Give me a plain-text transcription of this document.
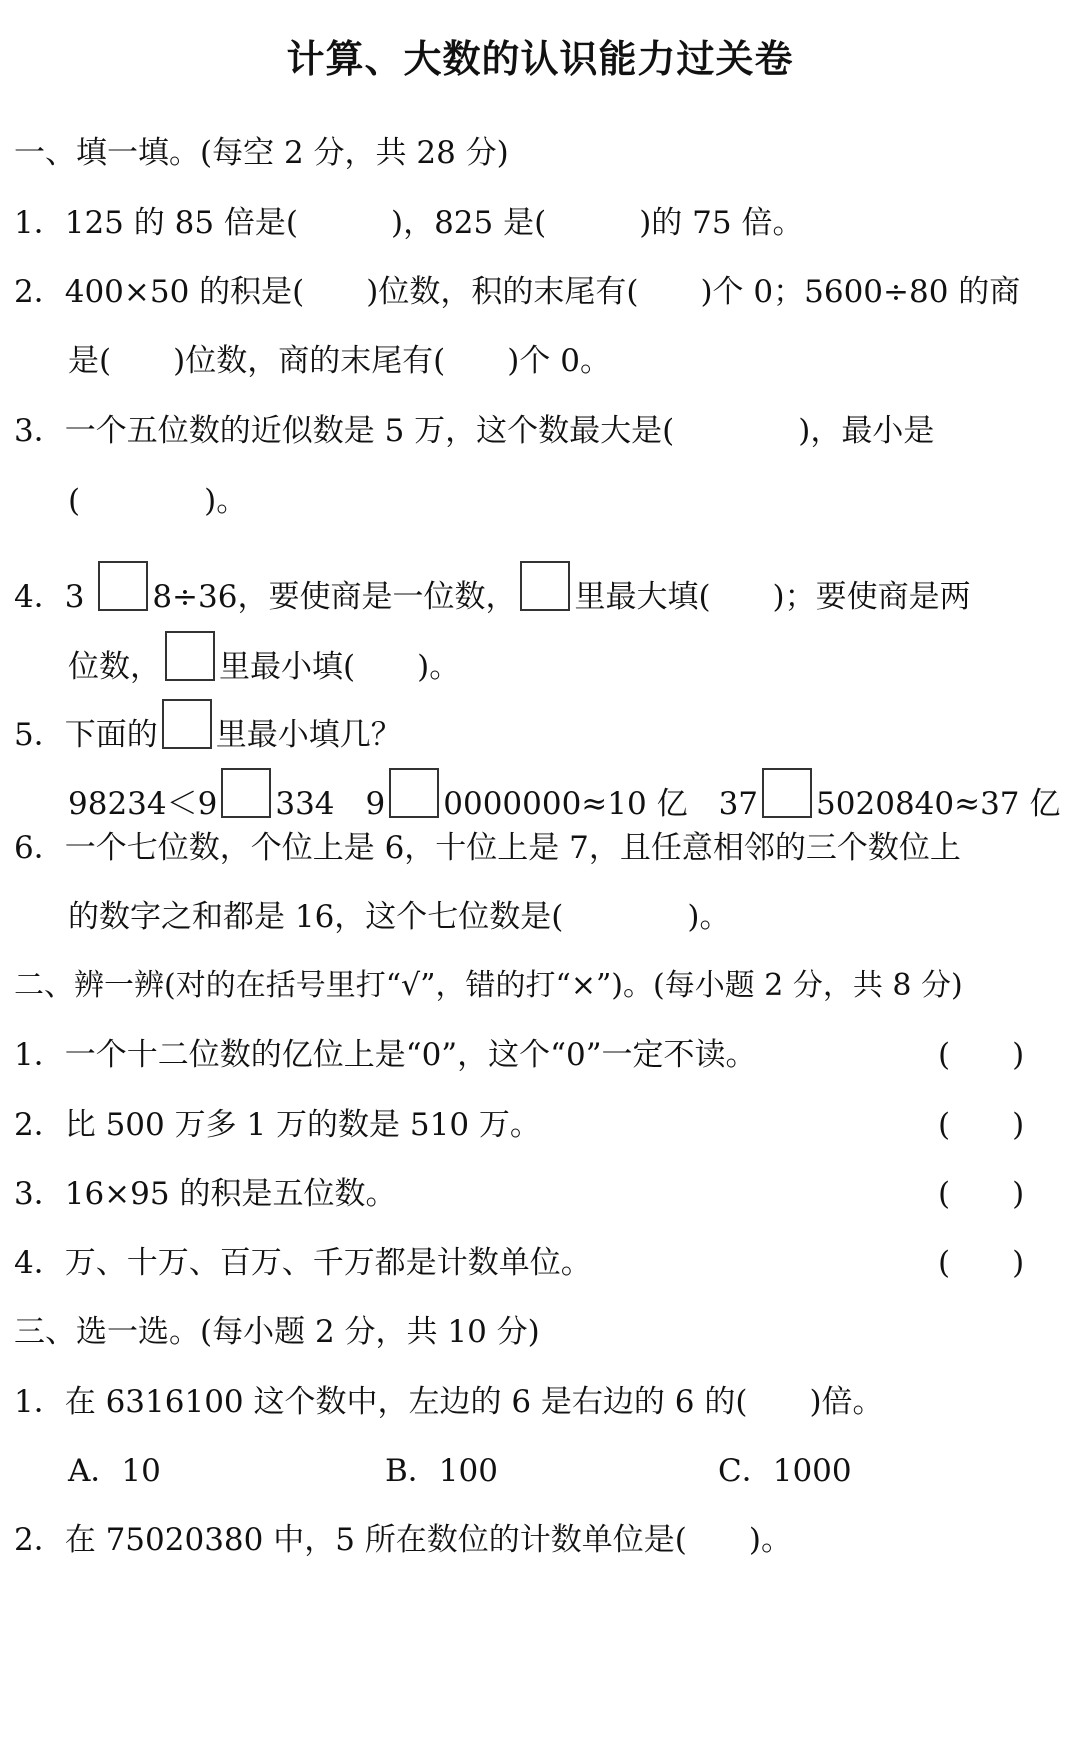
计算、大数的认识能力过关卷
一、填一填。(每空 2 分，共 28 分)
1．125 的 85 倍是(　　　)，825 是(　　　)的 75 倍。
2．400×50 的积是(　　)位数，积的末尾有(　　)个 0；5600÷80 的商
是(　　)位数，商的末尾有(　　)个 0。
3．一个五位数的近似数是 5 万，这个数最大是(　　　　)，最小是
(　　　　)。
4．3 8÷36，要使商是一位数， 里最大填(　　)；要使商是两
位数， 里最小填(　　)。
5．下面的 里最小填几？
98234＜9 334　9 0000000≈10 亿　37 5020840≈37 亿
6．一个七位数，个位上是 6，十位上是 7，且任意相邻的三个数位上
的数字之和都是 16，这个七位数是(　　　　)。
二、辨一辨(对的在括号里打“√”，错的打“×”)。(每小题 2 分，共 8 分)
1．一个十二位数的亿位上是“0”，这个“0”一定不读。	(　　)
2．比 500 万多 1 万的数是 510 万。	(　　)
3．16×95 的积是五位数。	(　　)
4．万、十万、百万、千万都是计数单位。	(　　)
三、选一选。(每小题 2 分，共 10 分)
1．在 6316100 这个数中，左边的 6 是右边的 6 的(　　)倍。
A．10	B．100	C．1000
2．在 75020380 中，5 所在数位的计数单位是(　　)。
